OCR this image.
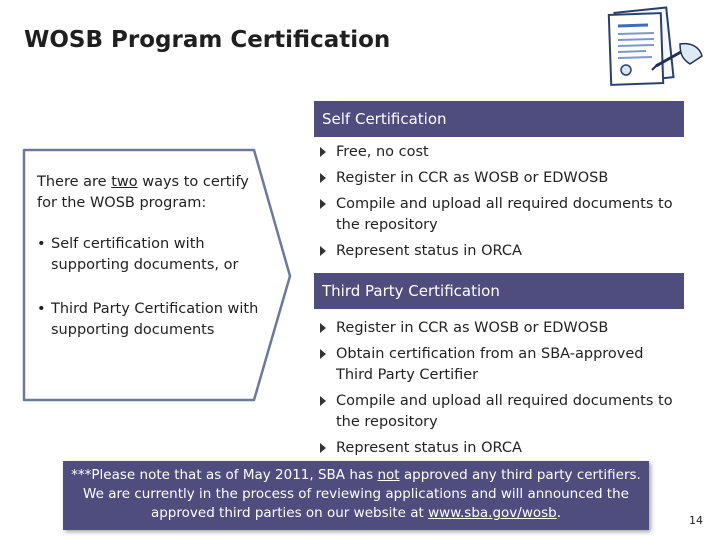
WOSB Program Certification

There are two ways to certify for the WOSB program:

• Self certification with supporting documents, or
• Third Party Certification with supporting documents
Self Certification
Free, no cost
Register in CCR as WOSB or EDWOSB
Compile and upload all required documents to the repository
Represent status in ORCA
Third Party Certification
Register in CCR as WOSB or EDWOSB
Obtain certification from an SBA-approved Third Party Certifier
Compile and upload all required documents to the repository
Represent status in ORCA
***Please note that as of May 2011, SBA has not approved any third party certifiers. We are currently in the process of reviewing applications and will announced the approved third parties on our website at www.sba.gov/wosb.	14
